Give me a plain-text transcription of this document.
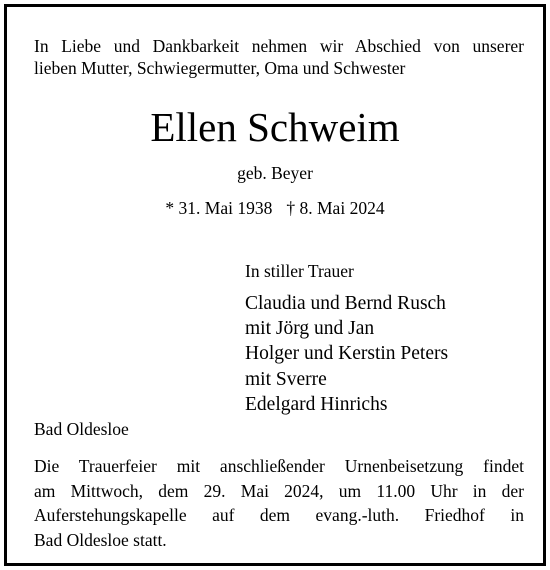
In Liebe und Dankbarkeit nehmen wir Abschied von unserer
lieben Mutter, Schwiegermutter, Oma und Schwester

Ellen Schweim

geb. Beyer

* 31. Mai 1938 † 8. Mai 2024

In stiller Trauer

Claudia und Bernd Rusch
mit Jörg und Jan
Holger und Kerstin Peters
mit Sverre
Edelgard Hinrichs

Bad Oldesloe

Die Trauerfeier mit anschließender Urnenbeisetzung findet
am Mittwoch, dem 29. Mai 2024, um 11.00 Uhr in der
Auferstehungskapelle auf dem evang.-luth. Friedhof in
Bad Oldesloe statt.
